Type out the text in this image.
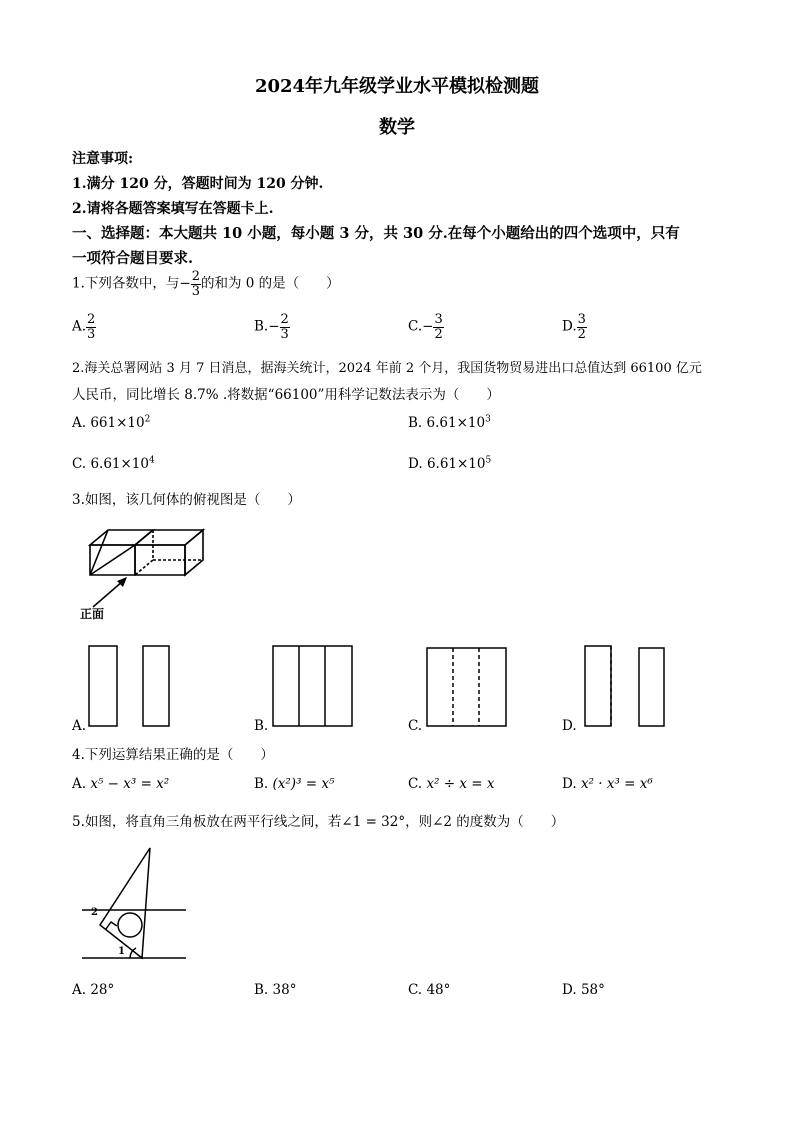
2024年九年级学业水平模拟检测题
数学
注意事项:
1.满分 120 分，答题时间为 120 分钟.
2.请将各题答案填写在答题卡上.
一、选择题：本大题共 10 小题，每小题 3 分，共 30 分.在每个小题给出的四个选项中，只有
一项符合题目要求.
1.下列各数中，与− $\frac{2}{3}$ 的和为 0 的是（　　）
A. $\frac{2}{3}$	$B.- \frac{2}{3}$	$C.- \frac{3}{2}$	D. $\frac{3}{2}$
2.海关总署网站 3 月 7 日消息，据海关统计，2024 年前 2 个月，我国货物贸易进出口总值达到 66100 亿元
人民币，同比增长 8.7% .将数据“66100”用科学记数法表示为（　　）
A. $661\times 10^2$	B. $6.61\times 10^3$
C. $6.61\times 10^4$	D. $6.61\times 10^5$
3.如图，该几何体的俯视图是（　　）
正面
A.	B.	C.	D.
4.下列运算结果正确的是（　　）
A. x⁵ − x³ = x²	B. (x²)³ = x⁵	C. x² ÷ x = x	D. x² · x³ = x⁶
5.如图，将直角三角板放在两平行线之间，若∠1 = 32°，则∠2 的度数为（　　）
2
1
A. 28°	B. 38°	C. 48°	D. 58°
